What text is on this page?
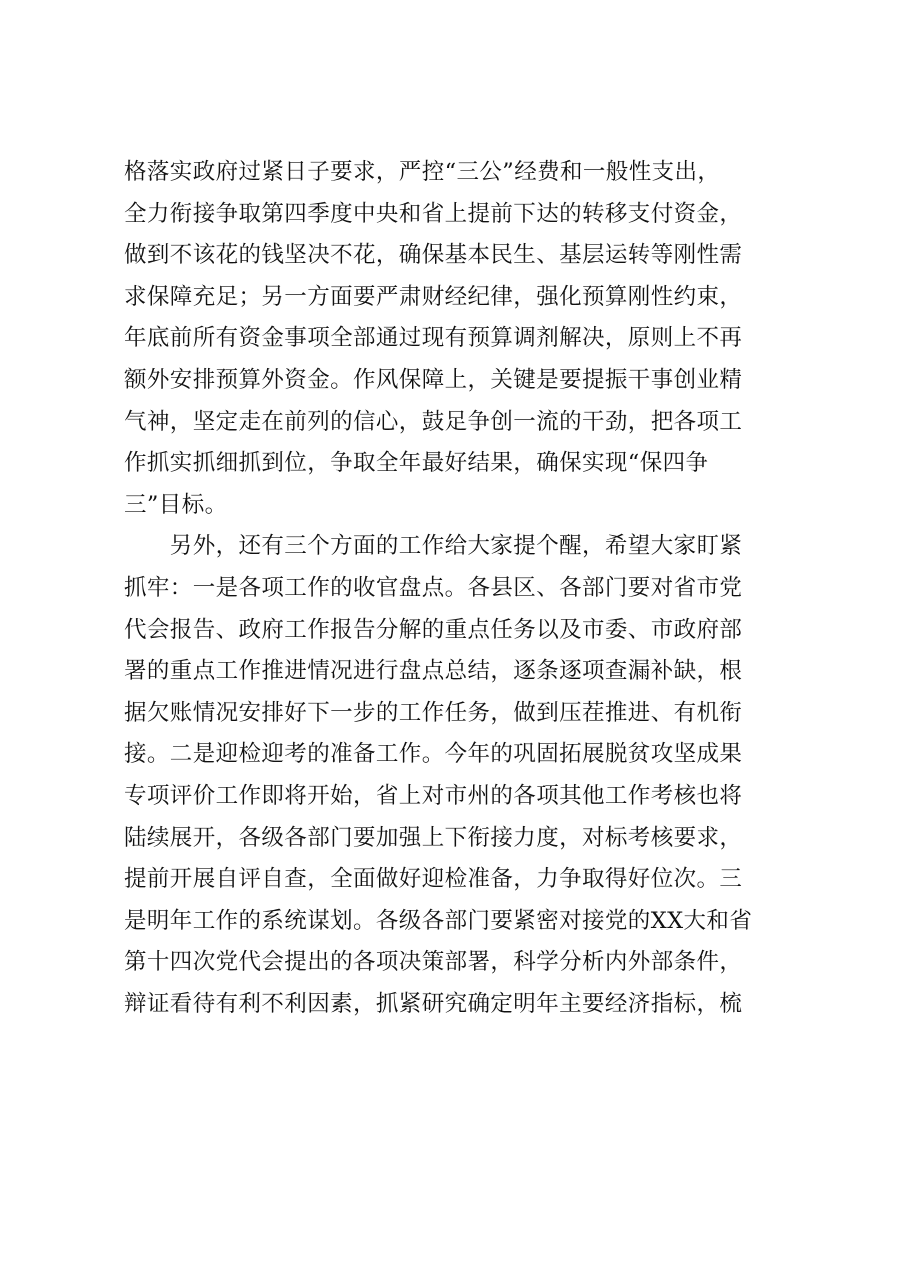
格落实政府过紧日子要求，严控“三公”经费和一般性支出，
全力衔接争取第四季度中央和省上提前下达的转移支付资金，
做到不该花的钱坚决不花，确保基本民生、基层运转等刚性需
求保障充足；另一方面要严肃财经纪律，强化预算刚性约束，
年底前所有资金事项全部通过现有预算调剂解决，原则上不再
额外安排预算外资金。作风保障上，关键是要提振干事创业精
气神，坚定走在前列的信心，鼓足争创一流的干劲，把各项工
作抓实抓细抓到位，争取全年最好结果，确保实现“保四争
三”目标。
　　另外，还有三个方面的工作给大家提个醒，希望大家盯紧
抓牢：一是各项工作的收官盘点。各县区、各部门要对省市党
代会报告、政府工作报告分解的重点任务以及市委、市政府部
署的重点工作推进情况进行盘点总结，逐条逐项查漏补缺，根
据欠账情况安排好下一步的工作任务，做到压茬推进、有机衔
接。二是迎检迎考的准备工作。今年的巩固拓展脱贫攻坚成果
专项评价工作即将开始，省上对市州的各项其他工作考核也将
陆续展开，各级各部门要加强上下衔接力度，对标考核要求，
提前开展自评自查，全面做好迎检准备，力争取得好位次。三
是明年工作的系统谋划。各级各部门要紧密对接党的XX大和省
第十四次党代会提出的各项决策部署，科学分析内外部条件，
辩证看待有利不利因素，抓紧研究确定明年主要经济指标，梳
